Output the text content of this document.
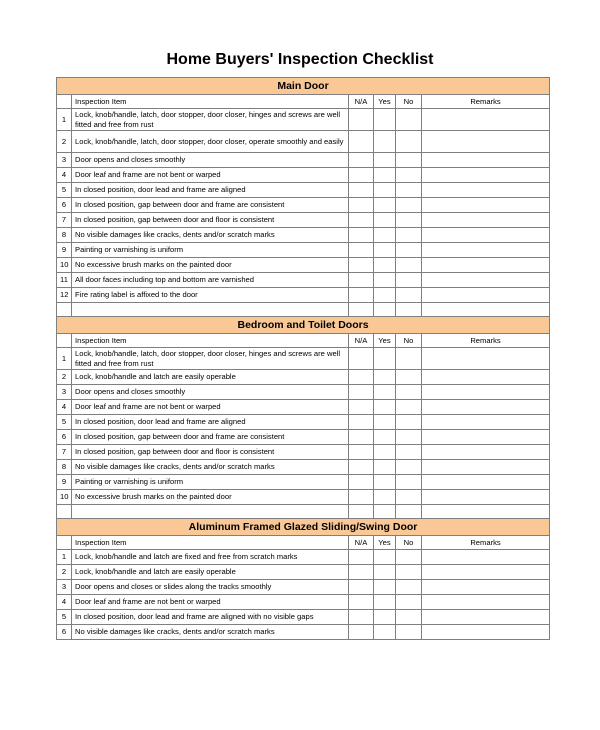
Home Buyers' Inspection Checklist
Main Door					
	Inspection Item	N/A	Yes	No	Remarks
1	Lock, knob/handle, latch, door stopper, door closer, hinges and screws are well fitted and free from rust				
2	Lock, knob/handle, latch, door stopper, door closer, operate smoothly and easily				
3	Door opens and closes smoothly				
4	Door leaf and frame are not bent or warped				
5	In closed position, door lead and frame are aligned				
6	In closed position, gap between door and frame are consistent				
7	In closed position, gap between door and floor is consistent				
8	No visible damages like cracks, dents and/or scratch marks				
9	Painting or varnishing is uniform				
10	No excessive brush marks on the painted door				
11	All door faces including top and bottom are varnished				
12	Fire rating label is affixed to the door				

Bedroom and Toilet Doors					
	Inspection Item	N/A	Yes	No	Remarks
1	Lock, knob/handle, latch, door stopper, door closer, hinges and screws are well fitted and free from rust				
2	Lock, knob/handle and latch are easily operable				
3	Door opens and closes smoothly				
4	Door leaf and frame are not bent or warped				
5	In closed position, door lead and frame are aligned				
6	In closed position, gap between door and frame are consistent				
7	In closed position, gap between door and floor is consistent				
8	No visible damages like cracks, dents and/or scratch marks				
9	Painting or varnishing is uniform				
10	No excessive brush marks on the painted door				

Aluminum Framed Glazed Sliding/Swing Door					
	Inspection Item	N/A	Yes	No	Remarks
1	Lock, knob/handle and latch are fixed and free from scratch marks				
2	Lock, knob/handle and latch are easily operable				
3	Door opens and closes or slides along the tracks smoothly				
4	Door leaf and frame are not bent or warped				
5	In closed position, door lead and frame are aligned with no visible gaps				
6	No visible damages like cracks, dents and/or scratch marks				
